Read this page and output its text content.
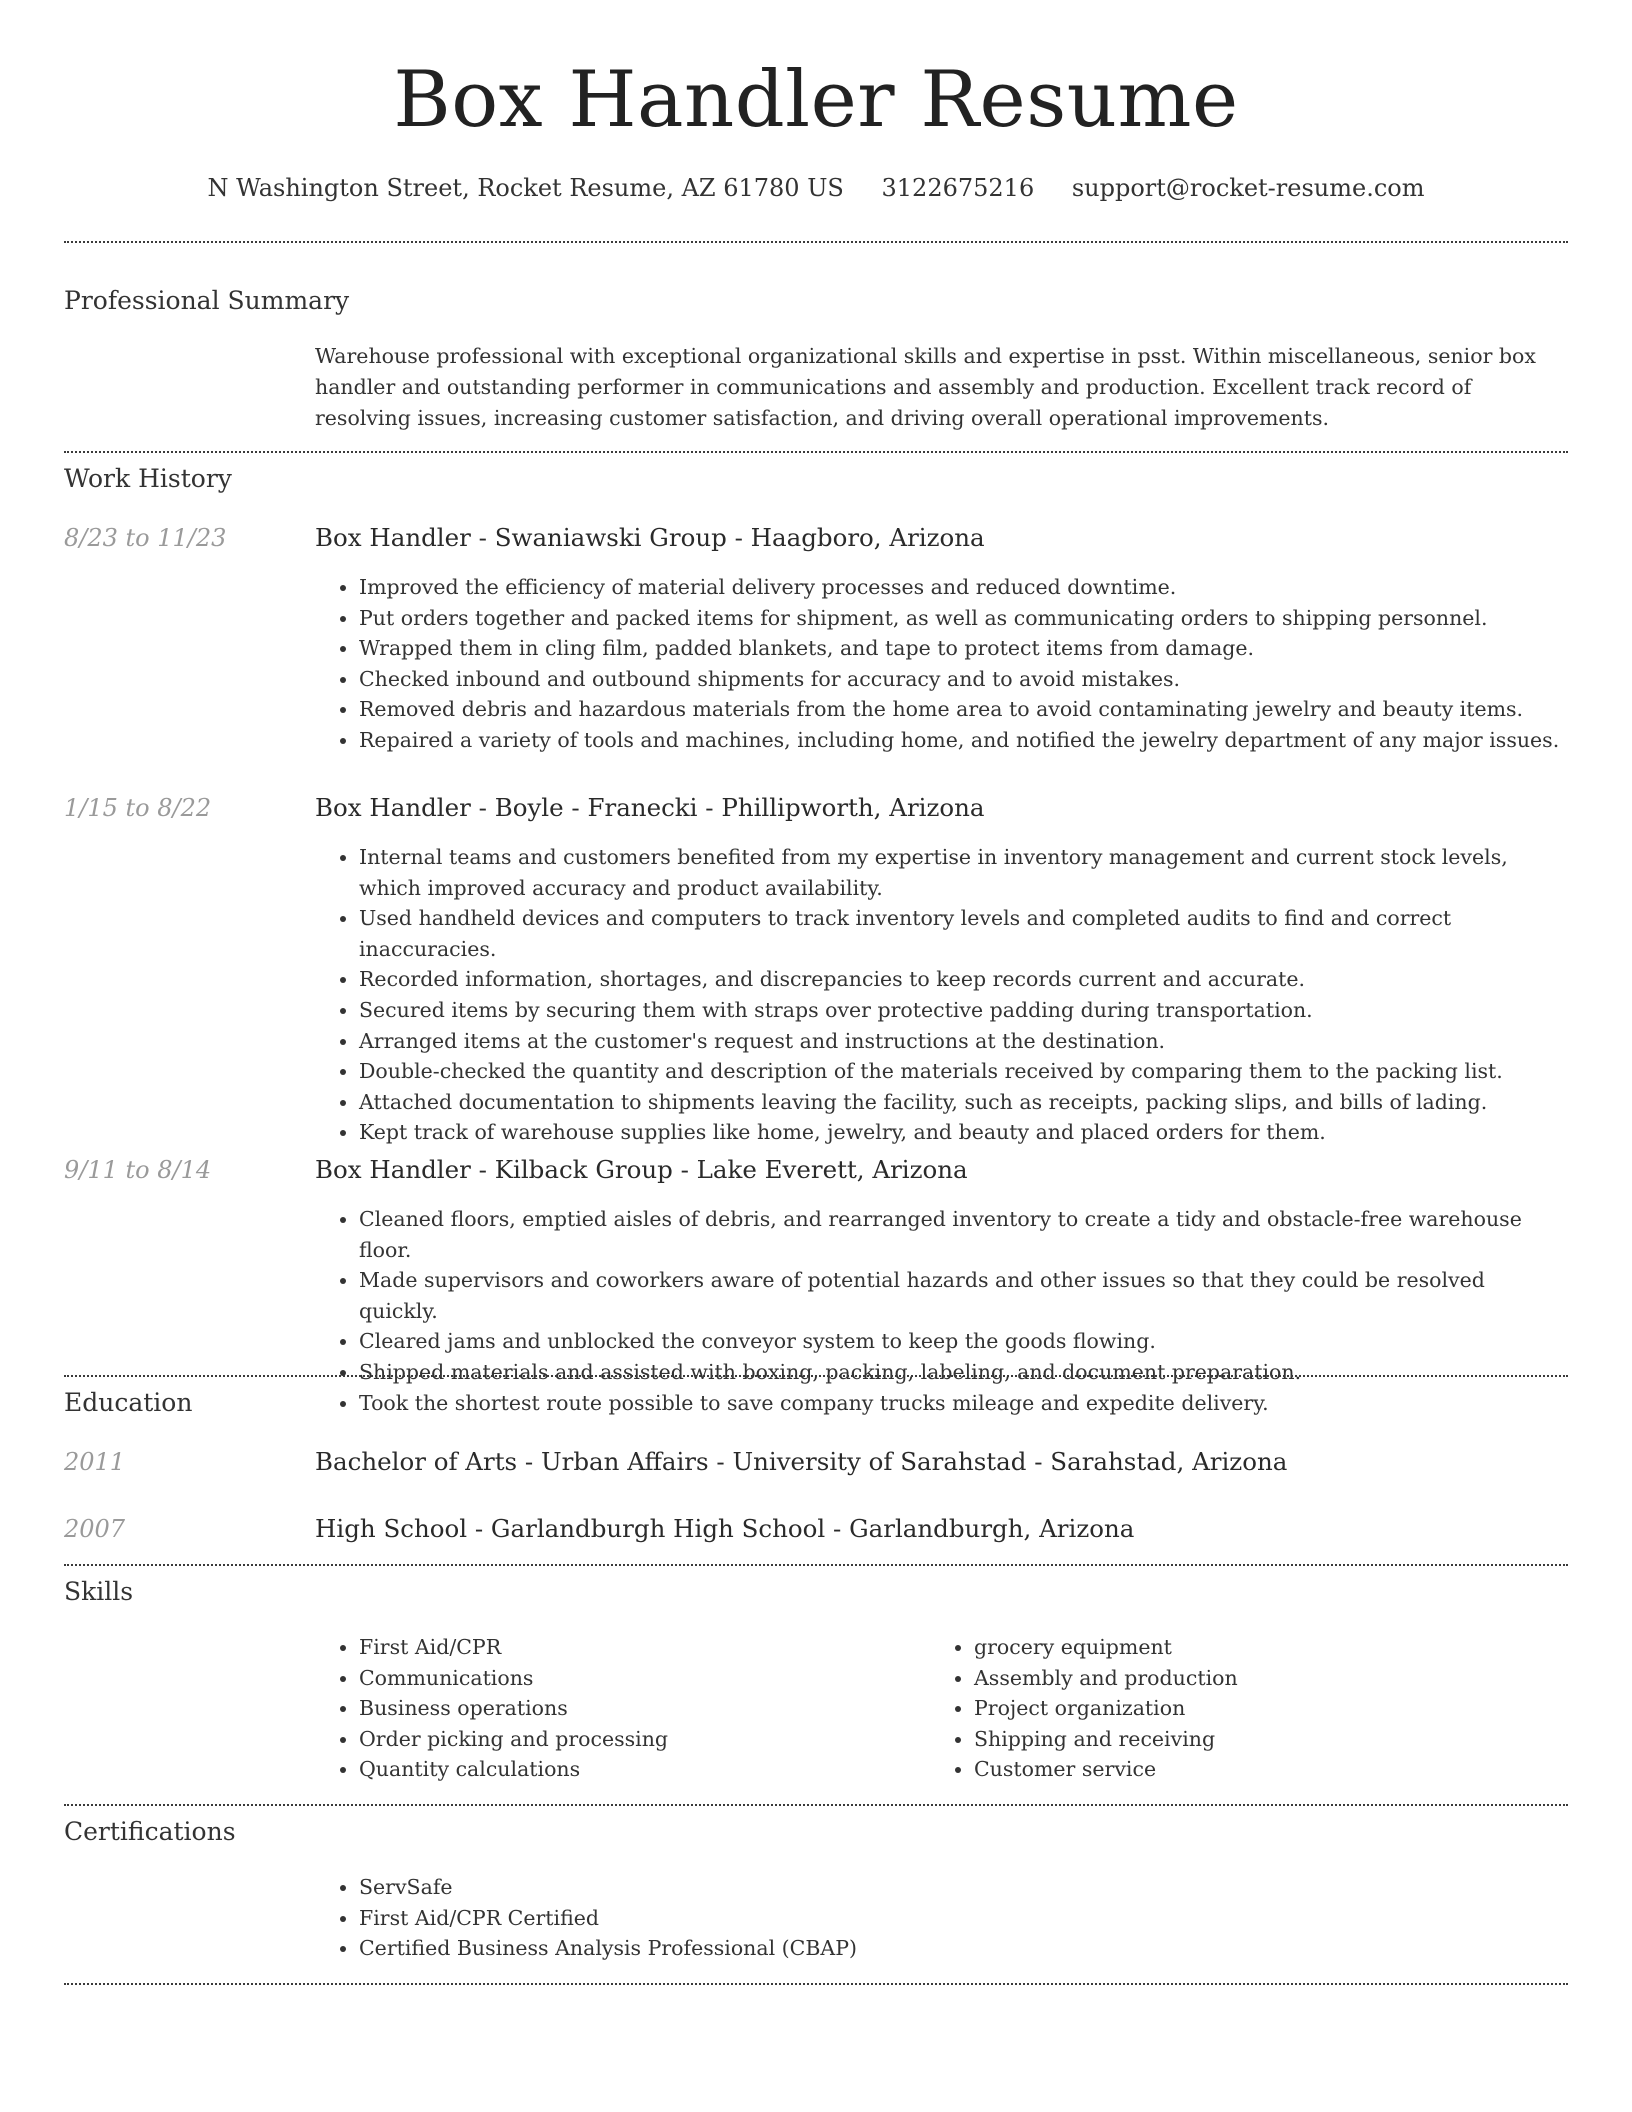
Box Handler Resume
N Washington Street, Rocket Resume, AZ 61780 US 3122675216 support@rocket-resume.com
Professional Summary
Warehouse professional with exceptional organizational skills and expertise in psst. Within miscellaneous, senior box handler and outstanding performer in communications and assembly and production. Excellent track record of resolving issues, increasing customer satisfaction, and driving overall operational improvements.
Work History
8/23 to 11/23	Box Handler - Swaniawski Group - Haagboro, Arizona
• Improved the efficiency of material delivery processes and reduced downtime.
• Put orders together and packed items for shipment, as well as communicating orders to shipping personnel.
• Wrapped them in cling film, padded blankets, and tape to protect items from damage.
• Checked inbound and outbound shipments for accuracy and to avoid mistakes.
• Removed debris and hazardous materials from the home area to avoid contaminating jewelry and beauty items.
• Repaired a variety of tools and machines, including home, and notified the jewelry department of any major issues.
1/15 to 8/22	Box Handler - Boyle - Franecki - Phillipworth, Arizona
• Internal teams and customers benefited from my expertise in inventory management and current stock levels, which improved accuracy and product availability.
• Used handheld devices and computers to track inventory levels and completed audits to find and correct inaccuracies.
• Recorded information, shortages, and discrepancies to keep records current and accurate.
• Secured items by securing them with straps over protective padding during transportation.
• Arranged items at the customer's request and instructions at the destination.
• Double-checked the quantity and description of the materials received by comparing them to the packing list.
• Attached documentation to shipments leaving the facility, such as receipts, packing slips, and bills of lading.
• Kept track of warehouse supplies like home, jewelry, and beauty and placed orders for them.
9/11 to 8/14	Box Handler - Kilback Group - Lake Everett, Arizona
• Cleaned floors, emptied aisles of debris, and rearranged inventory to create a tidy and obstacle-free warehouse floor.
• Made supervisors and coworkers aware of potential hazards and other issues so that they could be resolved quickly.
• Cleared jams and unblocked the conveyor system to keep the goods flowing.
• Shipped materials and assisted with boxing, packing, labeling, and document preparation.
• Took the shortest route possible to save company trucks mileage and expedite delivery.
Education
2011	Bachelor of Arts - Urban Affairs - University of Sarahstad - Sarahstad, Arizona
2007	High School - Garlandburgh High School - Garlandburgh, Arizona
Skills
• First Aid/CPR
• Communications
• Business operations
• Order picking and processing
• Quantity calculations
• grocery equipment
• Assembly and production
• Project organization
• Shipping and receiving
• Customer service
Certifications
• ServSafe
• First Aid/CPR Certified
• Certified Business Analysis Professional (CBAP)
